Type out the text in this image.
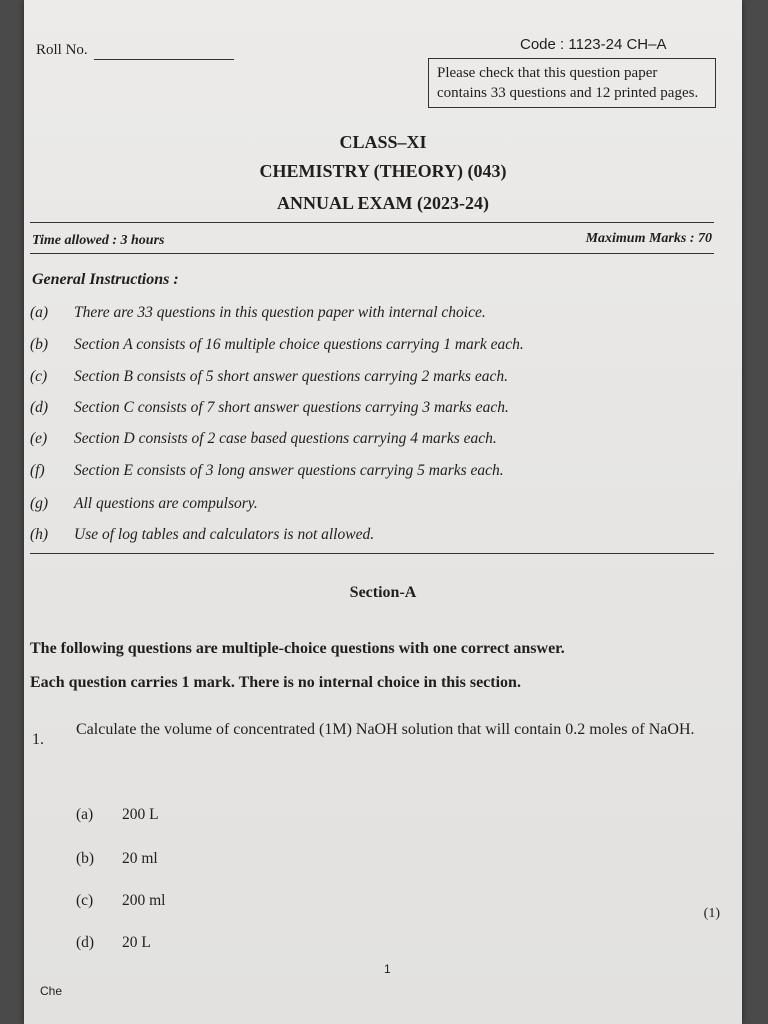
Roll No.	Code : 1123-24 CH–A
Please check that this question paper contains 33 questions and 12 printed pages.
CLASS–XI
CHEMISTRY (THEORY) (043)
ANNUAL EXAM (2023-24)
Time allowed : 3 hours	Maximum Marks : 70
General Instructions :
(a) There are 33 questions in this question paper with internal choice.
(b) Section A consists of 16 multiple choice questions carrying 1 mark each.
(c) Section B consists of 5 short answer questions carrying 2 marks each.
(d) Section C consists of 7 short answer questions carrying 3 marks each.
(e) Section D consists of 2 case based questions carrying 4 marks each.
(f) Section E consists of 3 long answer questions carrying 5 marks each.
(g) All questions are compulsory.
(h) Use of log tables and calculators is not allowed.
Section-A
The following questions are multiple-choice questions with one correct answer.
Each question carries 1 mark. There is no internal choice in this section.
1.
Calculate the volume of concentrated (1M) NaOH solution that will contain 0.2 moles of NaOH.
(a) 200 L
(b) 20 ml
(c) 200 ml
(d) 20 L
(1)
1
Che
